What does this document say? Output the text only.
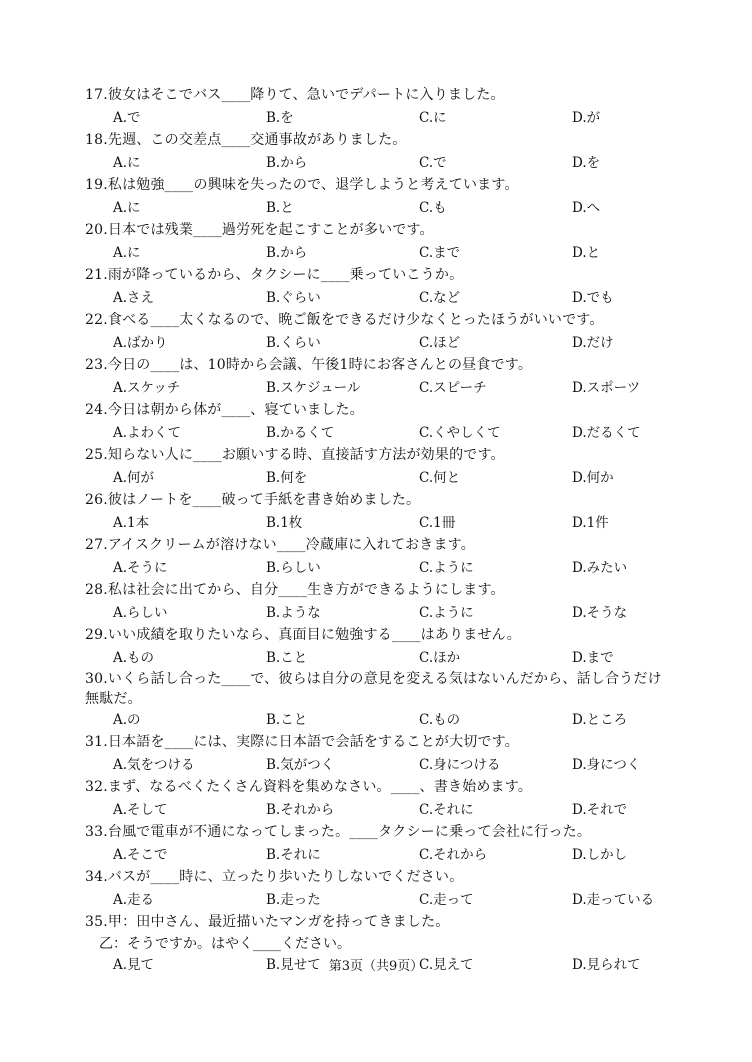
17.彼女はそこでバス____降りて、急いでデパートに入りました。
A.で	B.を	C.に	D.が
18.先週、この交差点____交通事故がありました。
A.に	B.から	C.で	D.を
19.私は勉強____の興味を失ったので、退学しようと考えています。
A.に	B.と	C.も	D.へ
20.日本では残業____過労死を起こすことが多いです。
A.に	B.から	C.まで	D.と
21.雨が降っているから、タクシーに____乗っていこうか。
A.さえ	B.ぐらい	C.など	D.でも
22.食べる____太くなるので、晩ご飯をできるだけ少なくとったほうがいいです。
A.ばかり	B.くらい	C.ほど	D.だけ
23.今日の____は、10時から会議、午後1時にお客さんとの昼食です。
A.スケッチ	B.スケジュール	C.スピーチ	D.スポーツ
24.今日は朝から体が____、寝ていました。
A.よわくて	B.かるくて	C.くやしくて	D.だるくて
25.知らない人に____お願いする時、直接話す方法が効果的です。
A.何が	B.何を	C.何と	D.何か
26.彼はノートを____破って手紙を書き始めました。
A.1本	B.1枚	C.1冊	D.1件
27.アイスクリームが溶けない____冷蔵庫に入れておきます。
A.そうに	B.らしい	C.ように	D.みたい
28.私は社会に出てから、自分____生き方ができるようにします。
A.らしい	B.ような	C.ように	D.そうな
29.いい成績を取りたいなら、真面目に勉強する____はありません。
A.もの	B.こと	C.ほか	D.まで
30.いくら話し合った____で、彼らは自分の意見を変える気はないんだから、話し合うだけ無駄だ。
A.の	B.こと	C.もの	D.ところ
31.日本語を____には、実際に日本語で会話をすることが大切です。
A.気をつける	B.気がつく	C.身につける	D.身につく
32.まず、なるべくたくさん資料を集めなさい。____、書き始めます。
A.そして	B.それから	C.それに	D.それで
33.台風で電車が不通になってしまった。____タクシーに乗って会社に行った。
A.そこで	B.それに	C.それから	D.しかし
34.バスが____時に、立ったり歩いたりしないでください。
A.走る	B.走った	C.走って	D.走っている
35.甲：田中さん、最近描いたマンガを持ってきました。
乙：そうですか。はやく____ください。
A.見て	B.見せて	C.見えて	D.見られて
第3页（共9页）
